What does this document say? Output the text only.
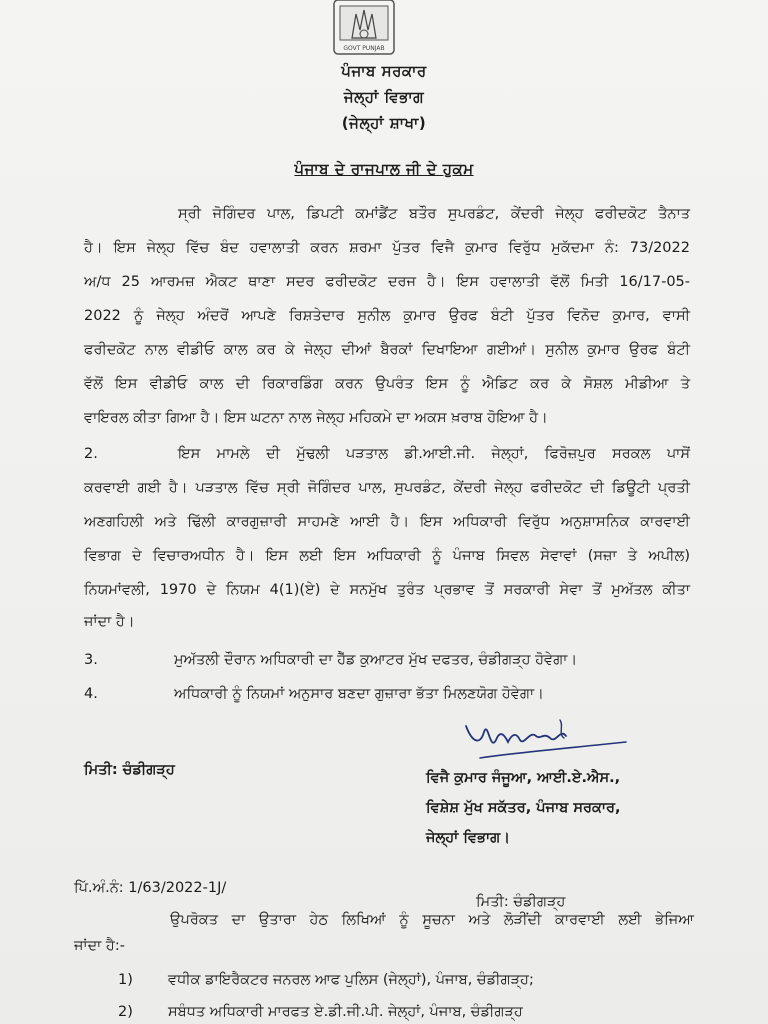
GOVT PUNJAB
ਪੰਜਾਬ ਸਰਕਾਰ
ਜੇਲ੍ਹਾਂ ਵਿਭਾਗ
(ਜੇਲ੍ਹਾਂ ਸ਼ਾਖਾ)
ਪੰਜਾਬ ਦੇ ਰਾਜਪਾਲ ਜੀ ਦੇ ਹੁਕਮ
ਸ੍ਰੀ ਜੋਗਿੰਦਰ ਪਾਲ, ਡਿਪਟੀ ਕਮਾਂਡੈਂਟ ਬਤੌਰ ਸੁਪਰਡੰਟ, ਕੇਂਦਰੀ ਜੇਲ੍ਹ ਫਰੀਦਕੋਟ ਤੈਨਾਤ
ਹੈ। ਇਸ ਜੇਲ੍ਹ ਵਿੱਚ ਬੰਦ ਹਵਾਲਾਤੀ ਕਰਨ ਸ਼ਰਮਾ ਪੁੱਤਰ ਵਿਜੈ ਕੁਮਾਰ ਵਿਰੁੱਧ ਮੁਕੱਦਮਾ ਨੰ: 73/2022
ਅ/ਧ 25 ਆਰਮਜ਼ ਐਕਟ ਥਾਣਾ ਸਦਰ ਫਰੀਦਕੋਟ ਦਰਜ ਹੈ। ਇਸ ਹਵਾਲਾਤੀ ਵੱਲੋਂ ਮਿਤੀ 16/17-05-
2022 ਨੂੰ ਜੇਲ੍ਹ ਅੰਦਰੋਂ ਆਪਣੇ ਰਿਸ਼ਤੇਦਾਰ ਸੁਨੀਲ ਕੁਮਾਰ ਉਰਫ ਬੰਟੀ ਪੁੱਤਰ ਵਿਨੋਦ ਕੁਮਾਰ, ਵਾਸੀ
ਫਰੀਦਕੋਟ ਨਾਲ ਵੀਡੀਓ ਕਾਲ ਕਰ ਕੇ ਜੇਲ੍ਹ ਦੀਆਂ ਬੈਰਕਾਂ ਦਿਖਾਇਆ ਗਈਆਂ। ਸੁਨੀਲ ਕੁਮਾਰ ਉਰਫ ਬੰਟੀ
ਵੱਲੋਂ ਇਸ ਵੀਡੀਓ ਕਾਲ ਦੀ ਰਿਕਾਰਡਿੰਗ ਕਰਨ ਉਪਰੰਤ ਇਸ ਨੂੰ ਐਡਿਟ ਕਰ ਕੇ ਸੋਸ਼ਲ ਮੀਡੀਆ ਤੇ
ਵਾਇਰਲ ਕੀਤਾ ਗਿਆ ਹੈ। ਇਸ ਘਟਨਾ ਨਾਲ ਜੇਲ੍ਹ ਮਹਿਕਮੇ ਦਾ ਅਕਸ ਖ਼ਰਾਬ ਹੋਇਆ ਹੈ।
2.	ਇਸ ਮਾਮਲੇ ਦੀ ਮੁੱਢਲੀ ਪੜਤਾਲ ਡੀ.ਆਈ.ਜੀ. ਜੇਲ੍ਹਾਂ, ਫਿਰੋਜ਼ਪੁਰ ਸਰਕਲ ਪਾਸੋਂ
ਕਰਵਾਈ ਗਈ ਹੈ। ਪੜਤਾਲ ਵਿੱਚ ਸ੍ਰੀ ਜੋਗਿੰਦਰ ਪਾਲ, ਸੁਪਰਡੰਟ, ਕੇਂਦਰੀ ਜੇਲ੍ਹ ਫਰੀਦਕੋਟ ਦੀ ਡਿਊਟੀ ਪ੍ਰਤੀ
ਅਣਗਹਿਲੀ ਅਤੇ ਢਿੱਲੀ ਕਾਰਗੁਜ਼ਾਰੀ ਸਾਹਮਣੇ ਆਈ ਹੈ। ਇਸ ਅਧਿਕਾਰੀ ਵਿਰੁੱਧ ਅਨੁਸ਼ਾਸਨਿਕ ਕਾਰਵਾਈ
ਵਿਭਾਗ ਦੇ ਵਿਚਾਰਅਧੀਨ ਹੈ। ਇਸ ਲਈ ਇਸ ਅਧਿਕਾਰੀ ਨੂੰ ਪੰਜਾਬ ਸਿਵਲ ਸੇਵਾਵਾਂ (ਸਜ਼ਾ ਤੇ ਅਪੀਲ)
ਨਿਯਮਾਂਵਲੀ, 1970 ਦੇ ਨਿਯਮ 4(1)(ਏ) ਦੇ ਸਨਮੁੱਖ ਤੁਰੰਤ ਪ੍ਰਭਾਵ ਤੋਂ ਸਰਕਾਰੀ ਸੇਵਾ ਤੋਂ ਮੁਅੱਤਲ ਕੀਤਾ
ਜਾਂਦਾ ਹੈ।
3.	ਮੁਅੱਤਲੀ ਦੌਰਾਨ ਅਧਿਕਾਰੀ ਦਾ ਹੈੱਡ ਕੁਆਟਰ ਮੁੱਖ ਦਫਤਰ, ਚੰਡੀਗੜ੍ਹ ਹੋਵੇਗਾ।
4.	ਅਧਿਕਾਰੀ ਨੂੰ ਨਿਯਮਾਂ ਅਨੁਸਾਰ ਬਣਦਾ ਗੁਜ਼ਾਰਾ ਭੱਤਾ ਮਿਲਣਯੋਗ ਹੋਵੇਗਾ।
ਮਿਤੀ: ਚੰਡੀਗੜ੍ਹ	ਵਿਜੈ ਕੁਮਾਰ ਜੰਜੂਆ, ਆਈ.ਏ.ਐਸ.,
ਵਿਸ਼ੇਸ਼ ਮੁੱਖ ਸਕੱਤਰ, ਪੰਜਾਬ ਸਰਕਾਰ,
ਜੇਲ੍ਹਾਂ ਵਿਭਾਗ।
ਪਿੱ.ਅੰ.ਨੰ: 1/63/2022-1J/
ਮਿਤੀ: ਚੰਡੀਗੜ੍ਹ
ਉਪਰੋਕਤ ਦਾ ਉਤਾਰਾ ਹੇਠ ਲਿਖਿਆਂ ਨੂੰ ਸੂਚਨਾ ਅਤੇ ਲੋੜੀਂਦੀ ਕਾਰਵਾਈ ਲਈ ਭੇਜਿਆ
ਜਾਂਦਾ ਹੈ:-
1) ਵਧੀਕ ਡਾਇਰੈਕਟਰ ਜਨਰਲ ਆਫ ਪੁਲਿਸ (ਜੇਲ੍ਹਾਂ), ਪੰਜਾਬ, ਚੰਡੀਗੜ੍ਹ;
2) ਸਬੰਧਤ ਅਧਿਕਾਰੀ ਮਾਰਫਤ ਏ.ਡੀ.ਜੀ.ਪੀ. ਜੇਲ੍ਹਾਂ, ਪੰਜਾਬ, ਚੰਡੀਗੜ੍ਹ
